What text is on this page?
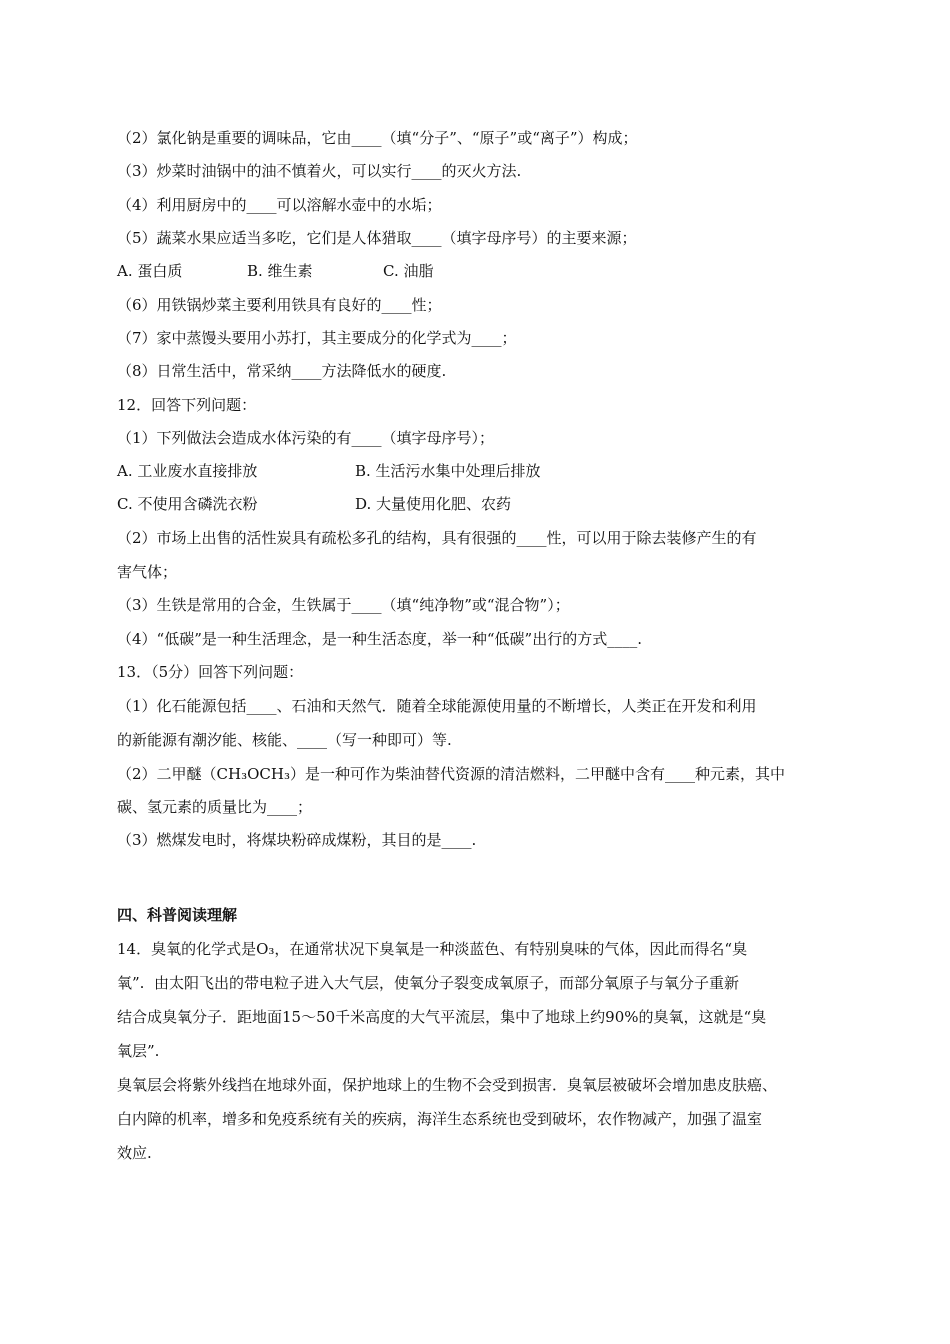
（2）氯化钠是重要的调味品，它由____（填“分子”、“原子”或“离子”）构成；
（3）炒菜时油锅中的油不慎着火，可以实行____的灭火方法.
（4）利用厨房中的____可以溶解水壶中的水垢；
（5）蔬菜水果应适当多吃，它们是人体猎取____（填字母序号）的主要来源；
A. 蛋白质	B. 维生素	C. 油脂
（6）用铁锅炒菜主要利用铁具有良好的____性；
（7）家中蒸馒头要用小苏打，其主要成分的化学式为____；
（8）日常生活中，常采纳____方法降低水的硬度.
12．回答下列问题：
（1）下列做法会造成水体污染的有____（填字母序号）；
A. 工业废水直接排放	B. 生活污水集中处理后排放
C. 不使用含磷洗衣粉	D. 大量使用化肥、农药
（2）市场上出售的活性炭具有疏松多孔的结构，具有很强的____性，可以用于除去装修产生的有
害气体；
（3）生铁是常用的合金，生铁属于____（填“纯净物”或“混合物”）；
（4）“低碳”是一种生活理念，是一种生活态度，举一种“低碳”出行的方式____.
13．（5分）回答下列问题：
（1）化石能源包括____、石油和天然气．随着全球能源使用量的不断增长，人类正在开发和利用
的新能源有潮汐能、核能、____（写一种即可）等.
（2）二甲醚（CH₃OCH₃）是一种可作为柴油替代资源的清洁燃料，二甲醚中含有____种元素，其中
碳、氢元素的质量比为____；
（3）燃煤发电时，将煤块粉碎成煤粉，其目的是____.
四、科普阅读理解
14．臭氧的化学式是O₃，在通常状况下臭氧是一种淡蓝色、有特别臭味的气体，因此而得名“臭
氧”.  由太阳飞出的带电粒子进入大气层，使氧分子裂变成氧原子，而部分氧原子与氧分子重新
结合成臭氧分子．距地面15～50千米高度的大气平流层，集中了地球上约90%的臭氧，这就是“臭
氧层”.
臭氧层会将紫外线挡在地球外面，保护地球上的生物不会受到损害．臭氧层被破坏会增加患皮肤癌、
白内障的机率，增多和免疫系统有关的疾病，海洋生态系统也受到破坏，农作物减产，加强了温室
效应.
